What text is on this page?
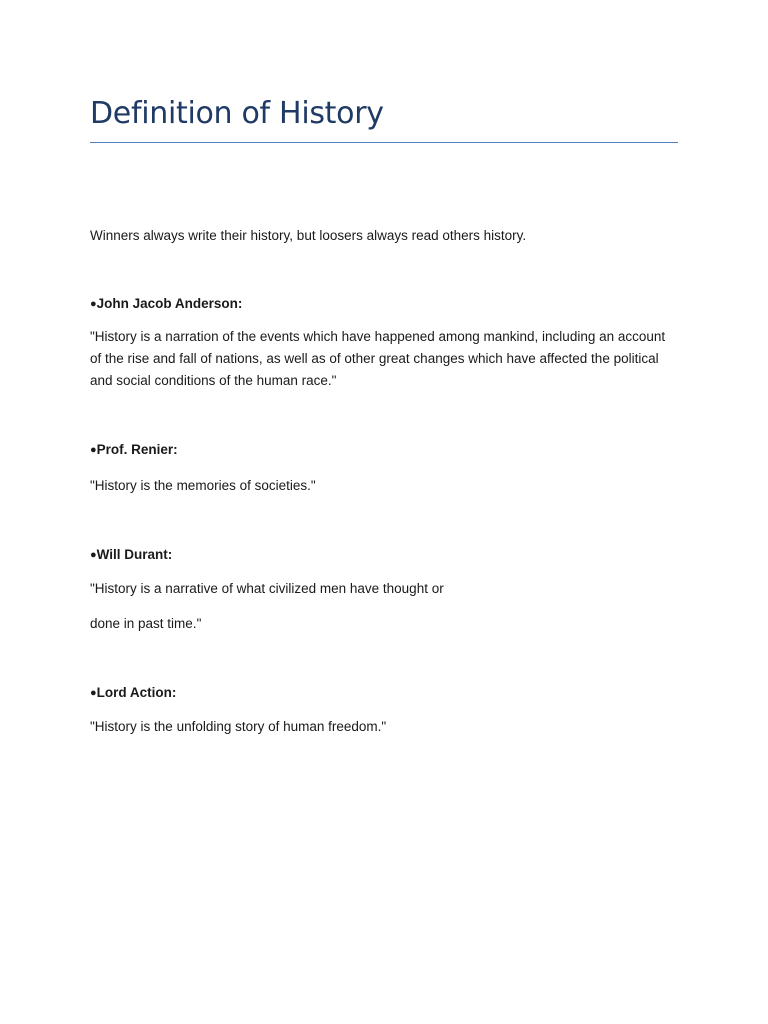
Definition of History

Winners always write their history, but loosers always read others history.

●John Jacob Anderson:

"History is a narration of the events which have happened among mankind, including an account of the rise and fall of nations, as well as of other great changes which have affected the political and social conditions of the human race."

●Prof. Renier:

"History is the memories of societies."

●Will Durant:

"History is a narrative of what civilized men have thought or

done in past time."

●Lord Action:

"History is the unfolding story of human freedom."
